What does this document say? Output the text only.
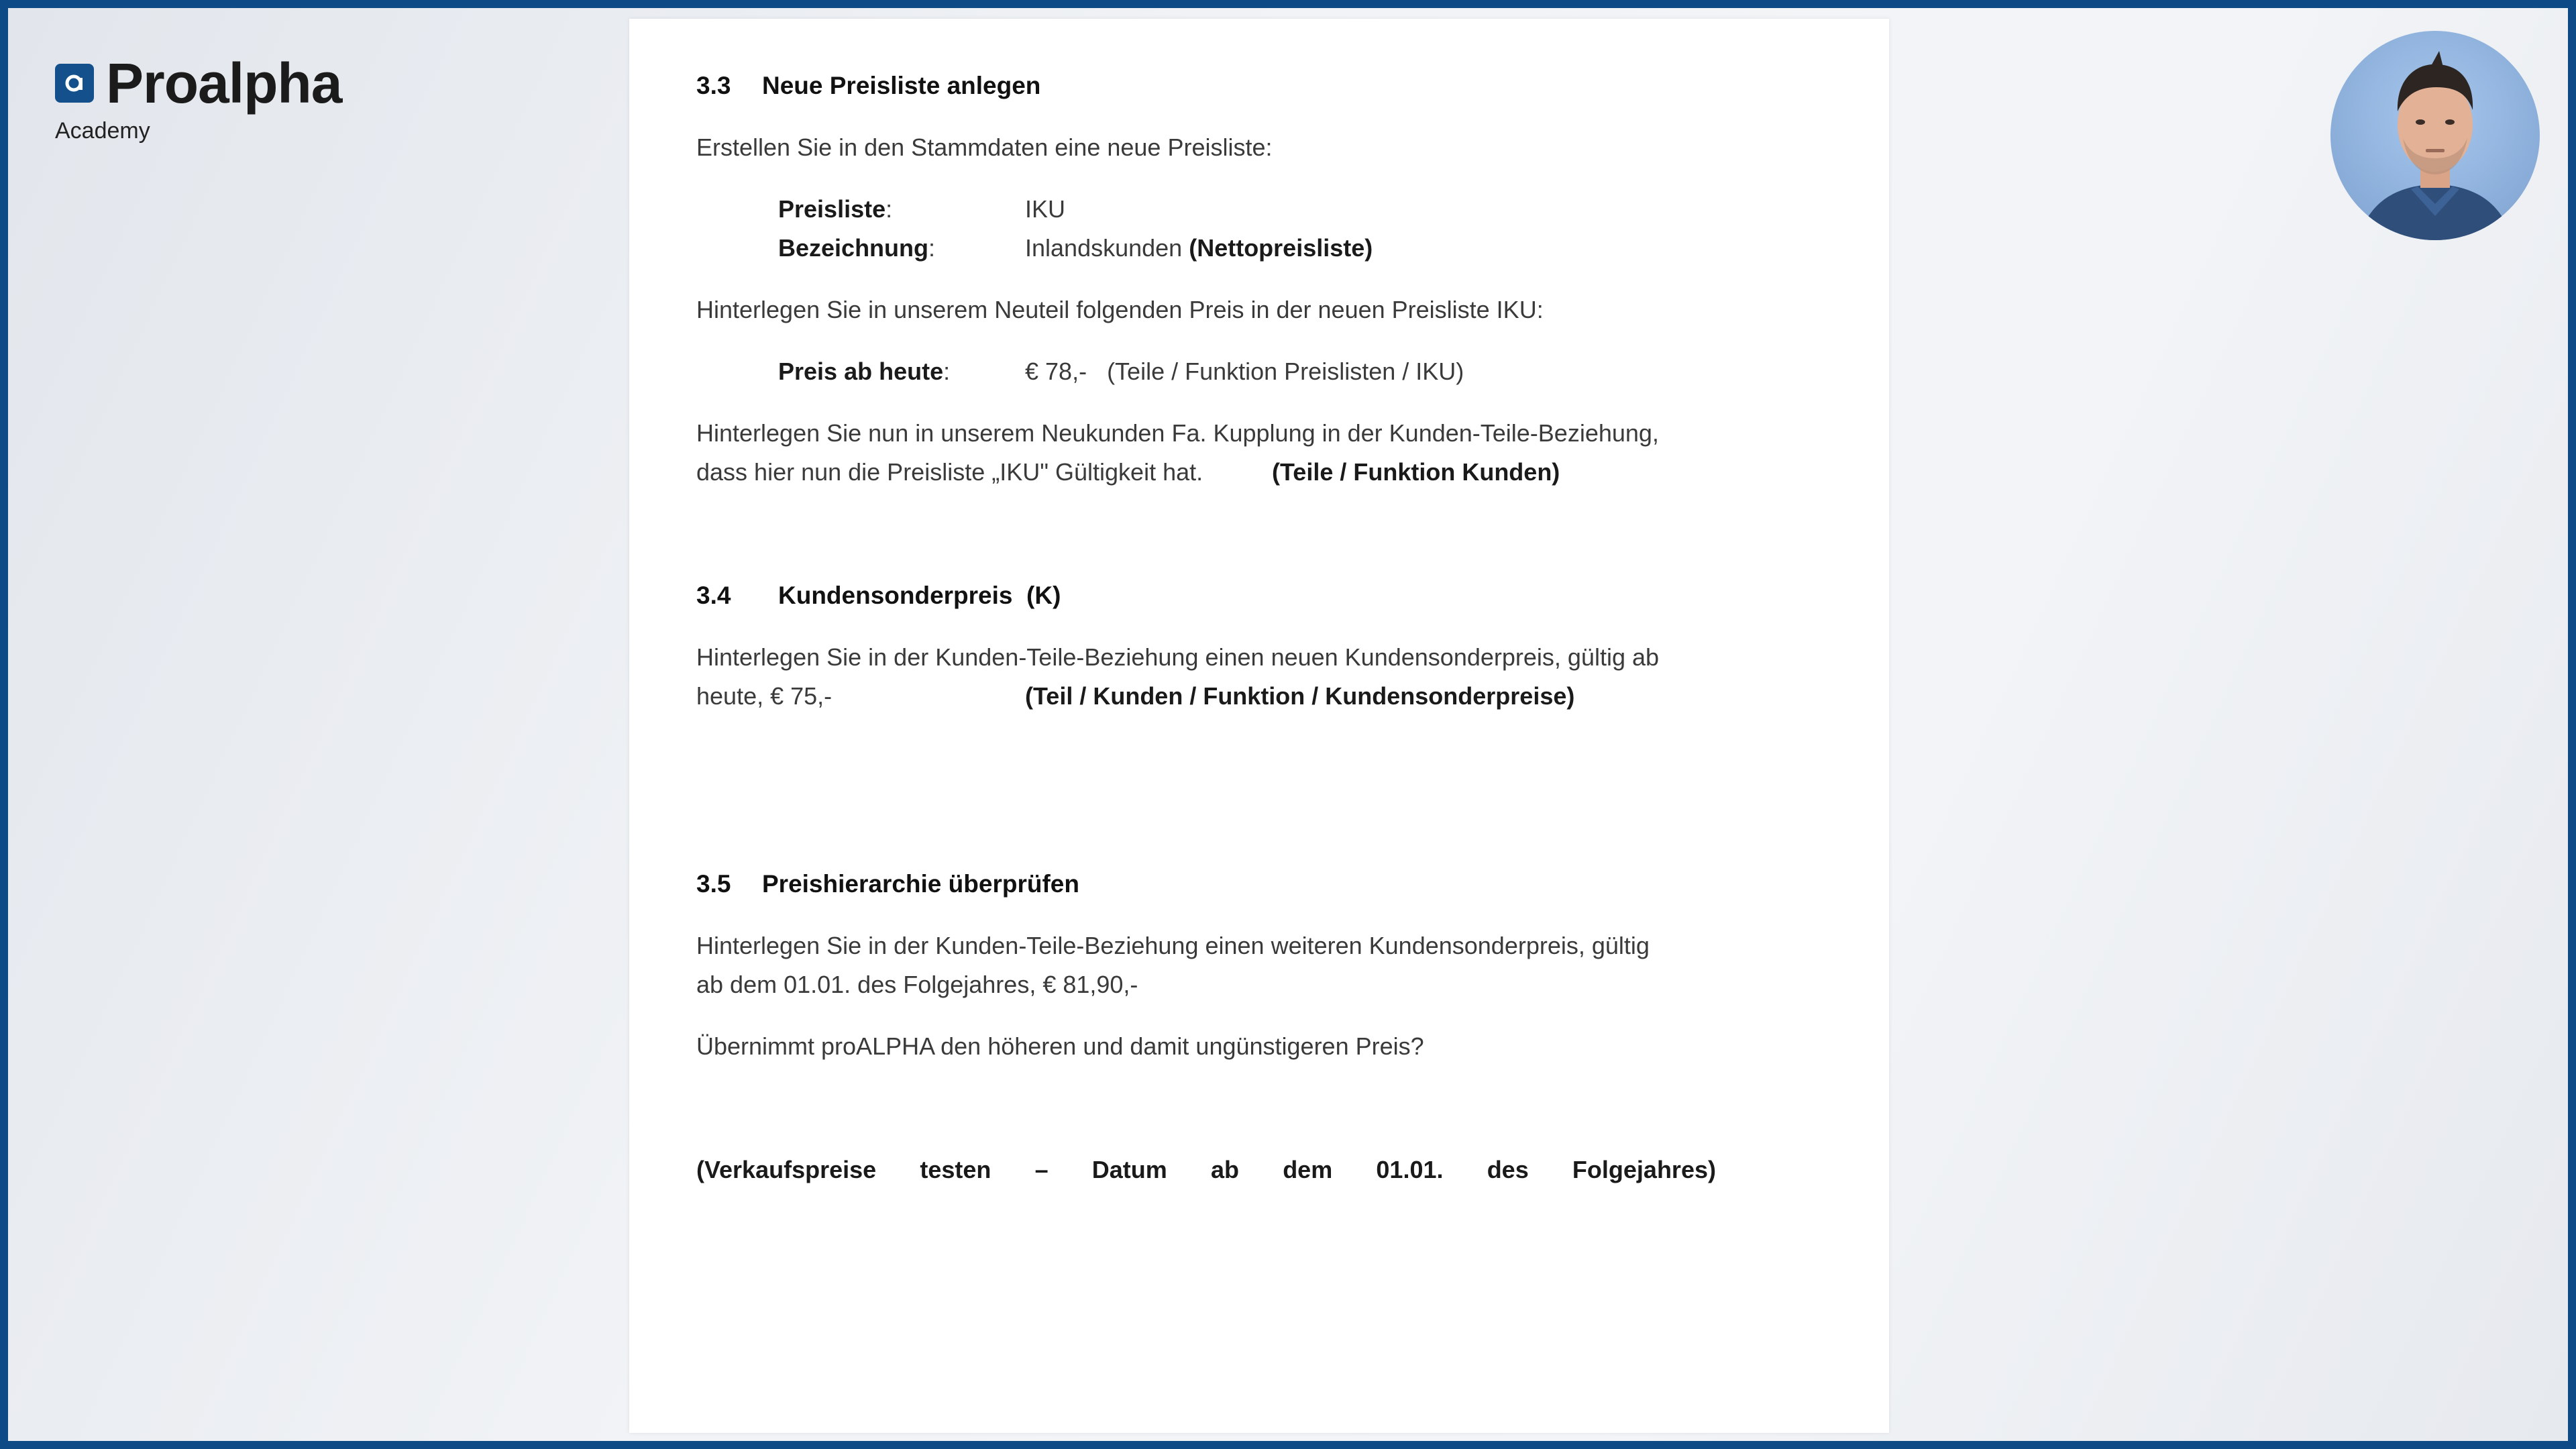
Proalpha
Academy
3.3 Neue Preisliste anlegen
Erstellen Sie in den Stammdaten eine neue Preisliste:
Preisliste:	IKU
Bezeichnung:	Inlandskunden (Nettopreisliste)
Hinterlegen Sie in unserem Neuteil folgenden Preis in der neuen Preisliste IKU:
Preis ab heute:	€ 78,-   (Teile / Funktion Preislisten / IKU)
Hinterlegen Sie nun in unserem Neukunden Fa. Kupplung in der Kunden-Teile-Beziehung,
dass hier nun die Preisliste „IKU" Gültigkeit hat.	(Teile / Funktion Kunden)
3.4 Kundensonderpreis  (K)
Hinterlegen Sie in der Kunden-Teile-Beziehung einen neuen Kundensonderpreis, gültig ab
heute, € 75,-	(Teil / Kunden / Funktion / Kundensonderpreise)
3.5 Preishierarchie überprüfen
Hinterlegen Sie in der Kunden-Teile-Beziehung einen weiteren Kundensonderpreis, gültig
ab dem 01.01. des Folgejahres, € 81,90,-
Übernimmt proALPHA den höheren und damit ungünstigeren Preis?
(Verkaufspreise testen – Datum ab dem 01.01. des Folgejahres)
